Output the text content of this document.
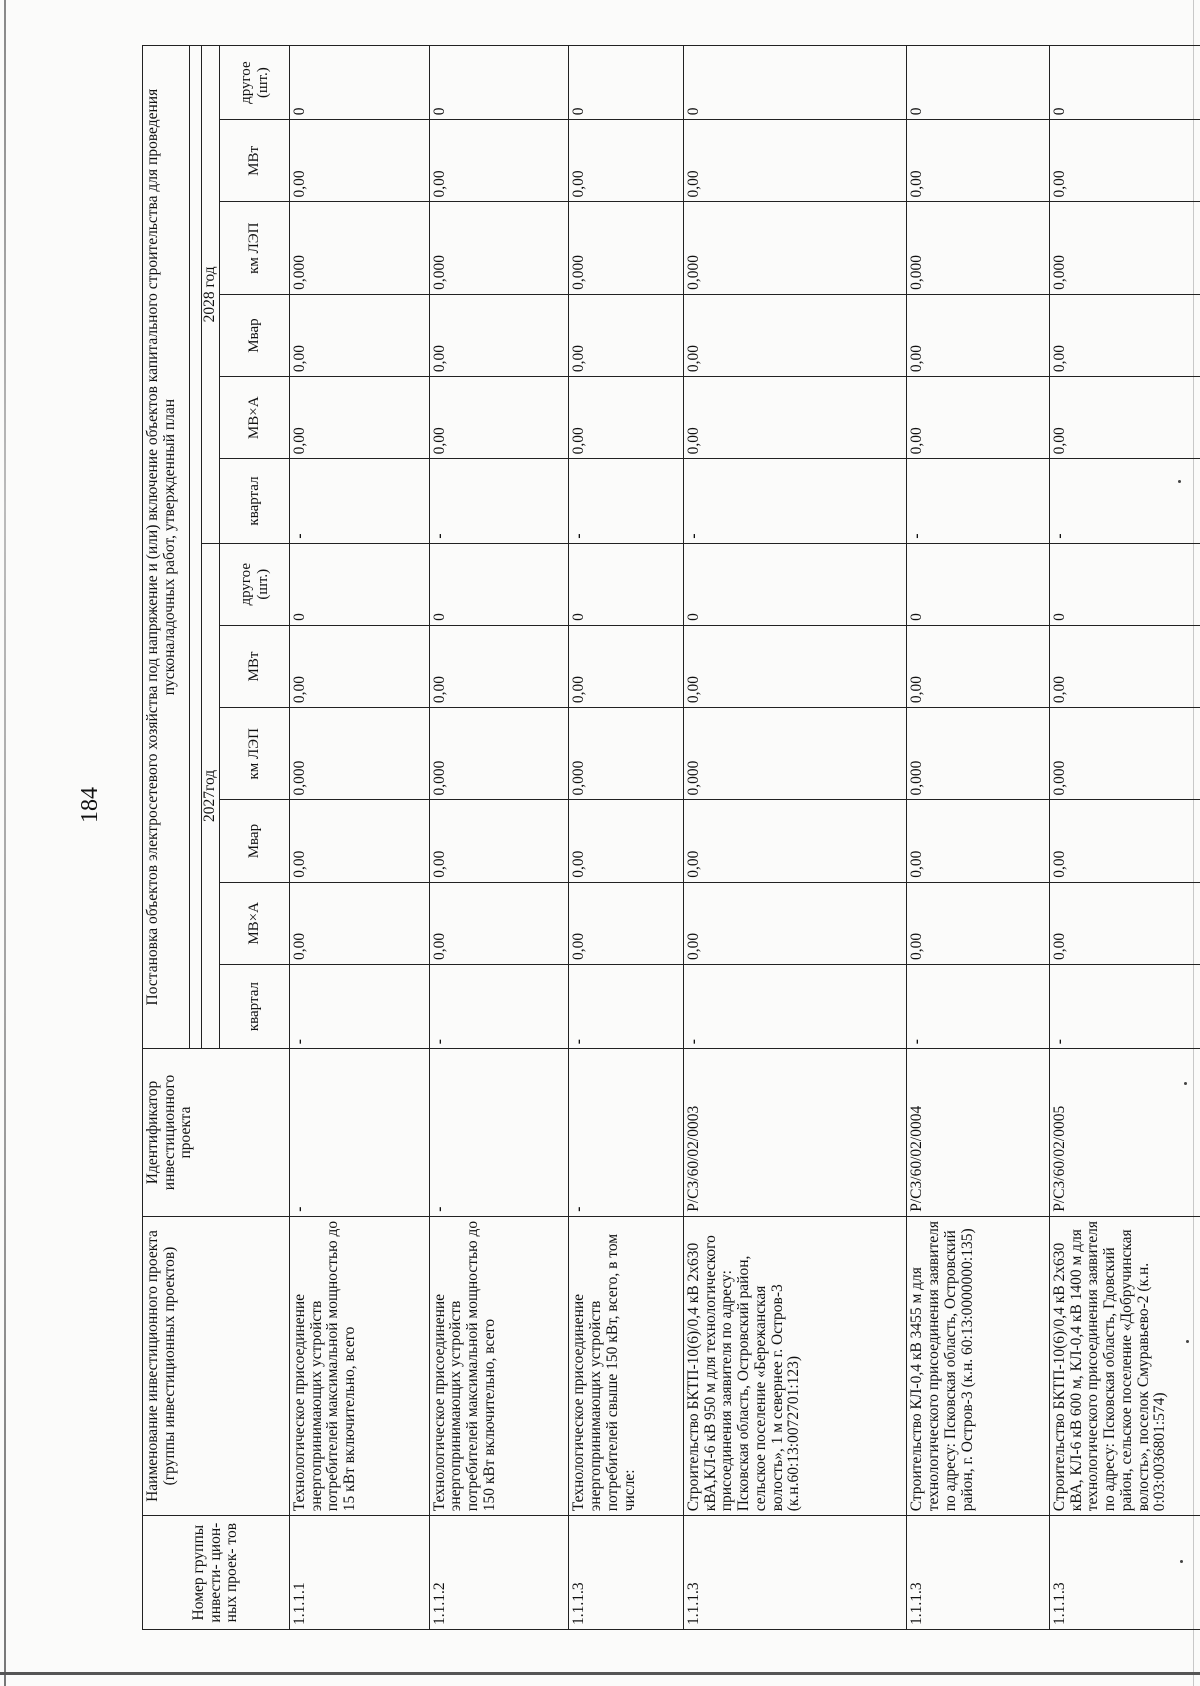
184
Номер группы инвести- цион- ных проек- тов	Наименование инвестиционного проекта (группы инвестиционных проектов)	Идентификатор инвестиционного проекта	Постановка объектов электросетевого хозяйства под напряжение и (или) включение объектов капитального строительства для проведения пусконаладочных работ, утвержденный план											

			2027год						2028 год					
			квартал	МВ×А	Мвар	км ЛЭП	МВт	другое (шт.)	квартал	МВ×А	Мвар	км ЛЭП	МВт	другое (шт.)
1.1.1.1	Технологическое присоединение энергопринимающих устройств потребителей максимальной мощностью до 15 кВт включительно, всего	-	-	0,00	0,00	0,000	0,00	0	-	0,00	0,00	0,000	0,00	0
1.1.1.2	Технологическое присоединение энергопринимающих устройств потребителей максимальной мощностью до 150 кВт включительно, всего	-	-	0,00	0,00	0,000	0,00	0	-	0,00	0,00	0,000	0,00	0
1.1.1.3	Технологическое присоединение энергопринимающих устройств потребителей свыше 150 кВт, всего, в том числе:	-	-	0,00	0,00	0,000	0,00	0	-	0,00	0,00	0,000	0,00	0
1.1.1.3	Строительство БКТП-10(6)/0,4 кВ 2х630 кВА,КЛ-6 кВ 950 м для технологического присоединения заявителя по адресу: Псковская область, Островский район, сельское поселение «Бережанская волость», 1 м севернее г. Остров-3 (к.н.60:13:0072701:123)	Р/СЗ/60/02/0003	-	0,00	0,00	0,000	0,00	0	-	0,00	0,00	0,000	0,00	0
1.1.1.3	Строительство КЛ-0,4 кВ 3455 м для технологического присоединения заявителя по адресу: Псковская область, Островский район, г. Остров-3 (к.н. 60:13:0000000:135)	Р/СЗ/60/02/0004	-	0,00	0,00	0,000	0,00	0	-	0,00	0,00	0,000	0,00	0
1.1.1.3	Строительство БКТП-10(6)/0,4 кВ 2х630 кВА, КЛ-6 кВ 600 м, КЛ-0,4 кВ 1400 м для технологического присоединения заявителя по адресу: Псковская область, Гдовский район, сельское поселение «Добручинская волость», поселок Смуравьево-2 (к.н. 0:03:0036801:574)	Р/СЗ/60/02/0005	-	0,00	0,00	0,000	0,00	0	-	0,00	0,00	0,000	0,00	0
